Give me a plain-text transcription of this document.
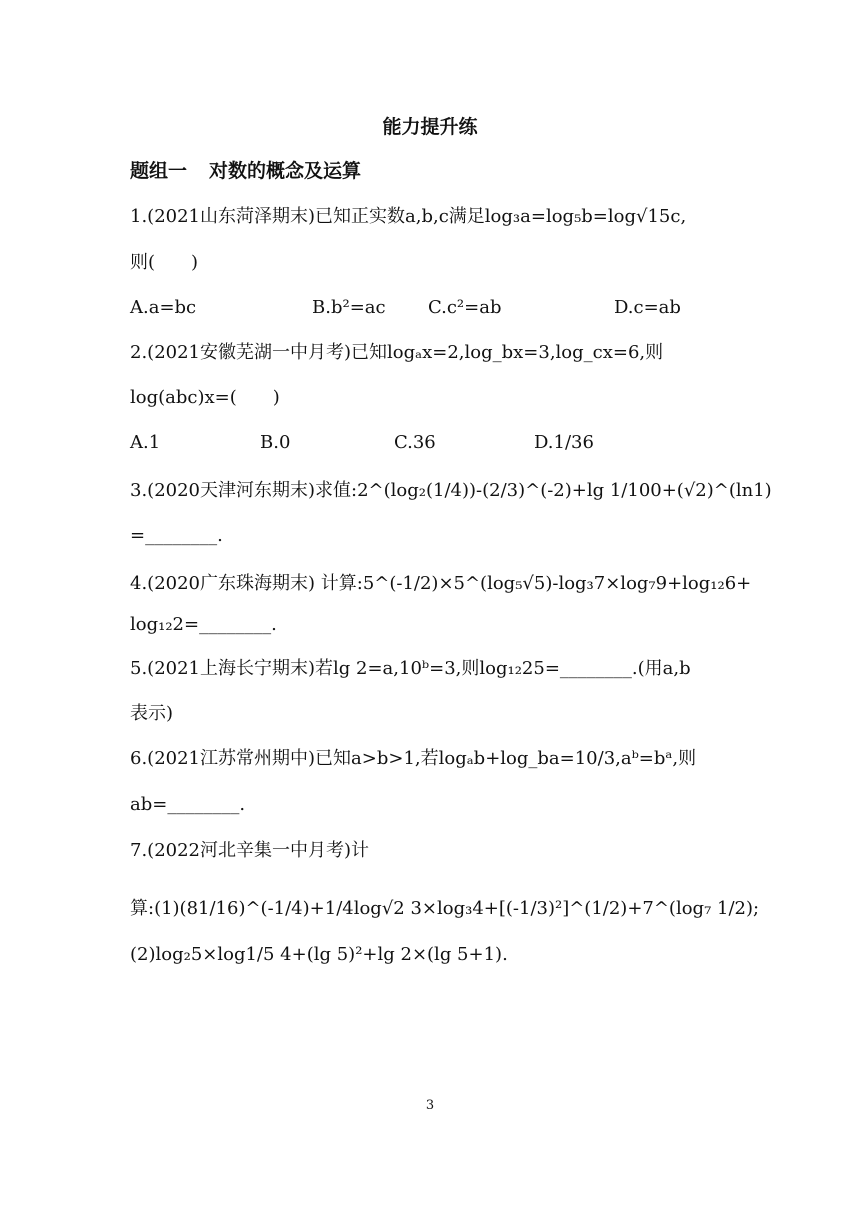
能力提升练
题组一 对数的概念及运算
1.(2021山东菏泽期末)已知正实数a,b,c满足log₃a=log₅b=log√15c,
则(　　)
A.a=bc	B.b²=ac C.c²=ab	D.c=ab
2.(2021安徽芜湖一中月考)已知logₐx=2,log_bx=3,log_cx=6,则
log(abc)x=(　　)
A.1	B.0	C.36	D.1/36
3.(2020天津河东期末)求值:2^(log₂(1/4))-(2/3)^(-2)+lg 1/100+(√2)^(ln1)
=________.
4.(2020广东珠海期末) 计算:5^(-1/2)×5^(log₅√5)-log₃7×log₇9+log₁₂6+
log₁₂2=________.
5.(2021上海长宁期末)若lg 2=a,10ᵇ=3,则log₁₂25=________.(用a,b
表示)
6.(2021江苏常州期中)已知a>b>1,若logₐb+log_ba=10/3,aᵇ=bᵃ,则
ab=________.
7.(2022河北辛集一中月考)计
算:(1)(81/16)^(-1/4)+1/4log√2 3×log₃4+[(-1/3)²]^(1/2)+7^(log₇ 1/2);
(2)log₂5×log1/5 4+(lg 5)²+lg 2×(lg 5+1).
3
